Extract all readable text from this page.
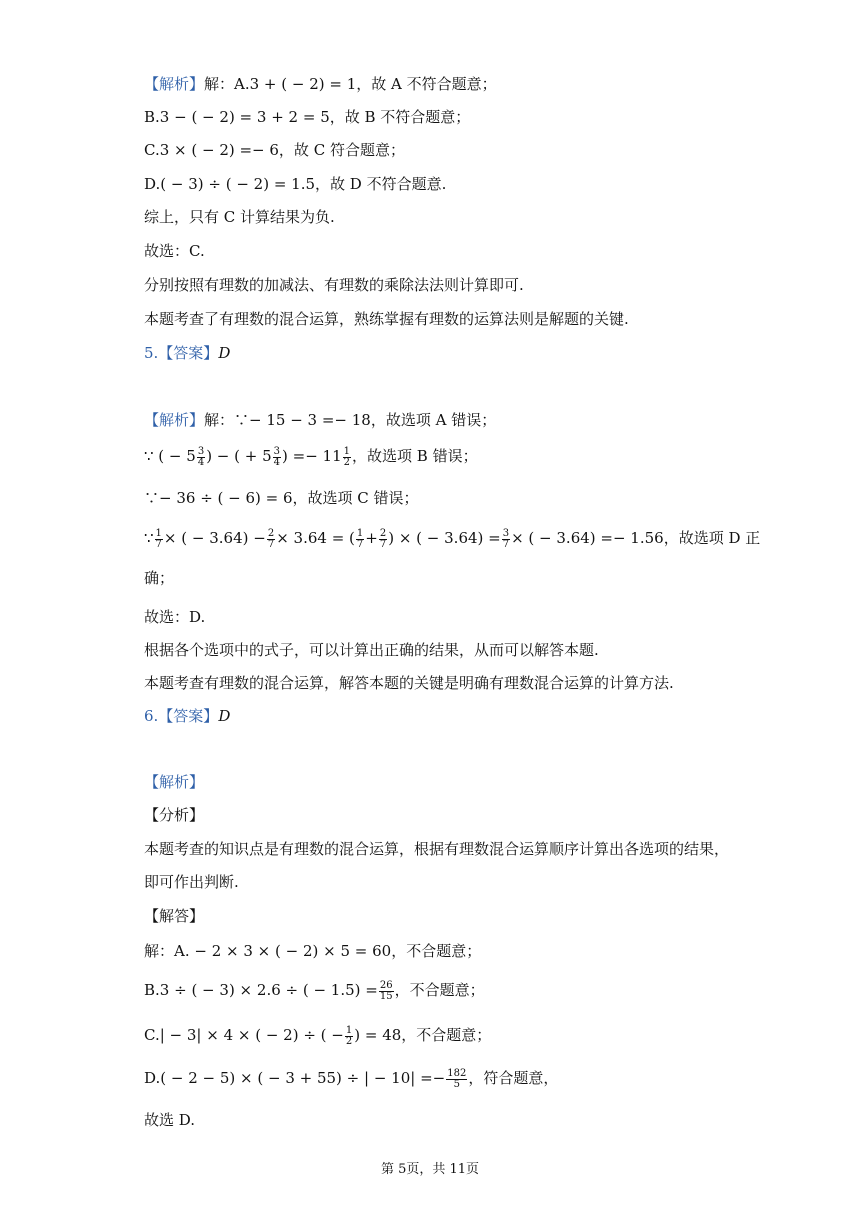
【解析】解：A.3 + ( − 2) = 1，故 A 不符合题意；
B.3 − ( − 2) = 3 + 2 = 5，故 B 不符合题意；
C.3 × ( − 2) =− 6，故 C 符合题意；
D.( − 3) ÷ ( − 2) = 1.5，故 D 不符合题意.
综上，只有 C 计算结果为负.
故选：C.
分别按照有理数的加减法、有理数的乘除法法则计算即可.
本题考查了有理数的混合运算，熟练掌握有理数的运算法则是解题的关键.
5.【答案】D
【解析】解：∵− 15 − 3 =− 18，故选项 A 错误；
∵ ( − $5 \frac{3}{4}$ ) − ( + $5 \frac{3}{4}$ ) =− $11 \frac{1}{2}$ ，故选项 B 错误；
∵− 36 ÷ ( − 6) = 6，故选项 C 错误；
∵ $\frac{1}{7}$ × ( − $3.64) - \frac{2}{7} \times 3.64$ = ( $\frac{1}{7} + \frac{2}{7}$ ) × ( − $3.64) = \frac{3}{7}$ × ( − 3.64) =− 1.56，故选项 D 正
确；
故选：D.
根据各个选项中的式子，可以计算出正确的结果，从而可以解答本题.
本题考查有理数的混合运算，解答本题的关键是明确有理数混合运算的计算方法.
6.【答案】D
【解析】
【分析】
本题考查的知识点是有理数的混合运算，根据有理数混合运算顺序计算出各选项的结果，
即可作出判断.
【解答】
解：A. − 2 × 3 × ( − 2) × 5 = 60，不合题意；
B.3 ÷ ( − 3) × 2.6 ÷ ( − $1.5) = \frac{26}{15}$ ，不合题意；
C.| − 3| × 4 × ( − 2) ÷ ( − $\frac{1}{2}$ ) = 48，不合题意；
D.( − 2 − 5) × ( − 3 + 55) ÷ | − $10| =- \frac{182}{5}$ ，符合题意，
故选 D.
第 5页，共 11页
